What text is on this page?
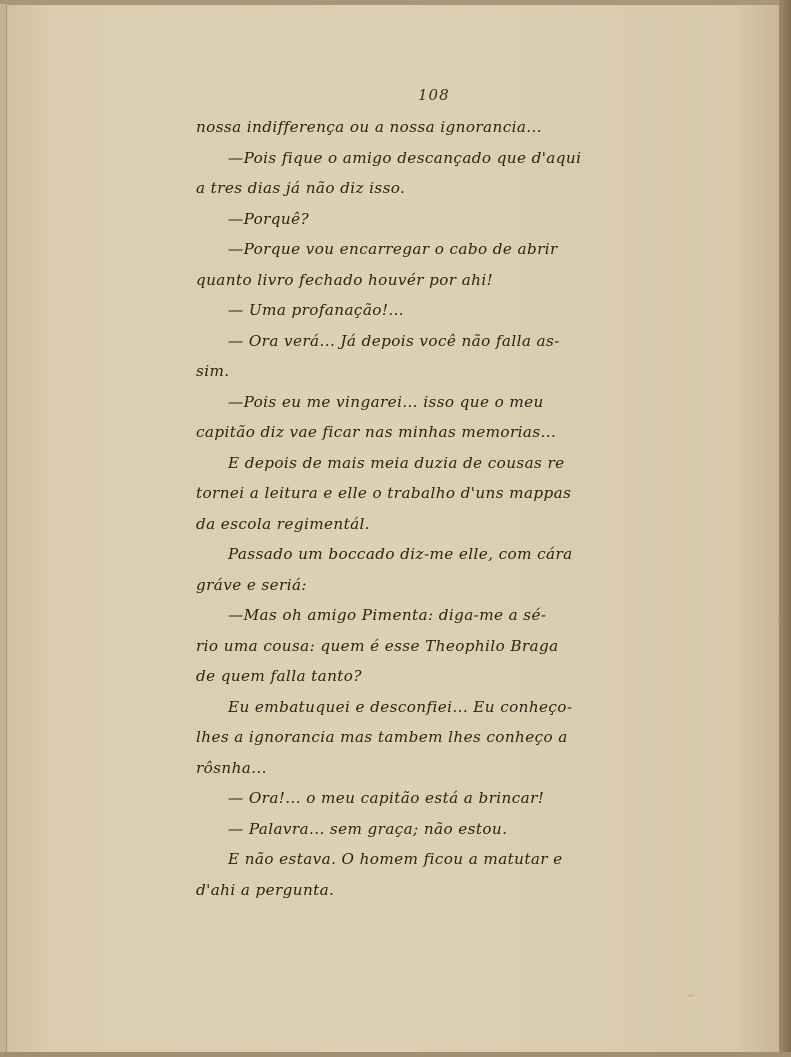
108
nossa indifferença ou a nossa ignorancia...
—Pois fique o amigo descançado que d'aqui
a tres dias já não diz isso.
—Porquê?
—Porque vou encarregar o cabo de abrir
quanto livro fechado houvér por ahi!
— Uma profanação!...
— Ora verá... Já depois você não falla as-
sim.
—Pois eu me vingarei... isso que o meu
capitão diz vae ficar nas minhas memorias...
E depois de mais meia duzia de cousas re
tornei a leitura e elle o trabalho d'uns mappas
da escola regimentál.
Passado um boccado diz-me elle, com cára
gráve e seriá:
—Mas oh amigo Pimenta: diga-me a sé-
rio uma cousa: quem é esse Theophilo Braga
de quem falla tanto?
Eu embatuquei e desconfiei... Eu conheço-
lhes a ignorancia mas tambem lhes conheço a
rôsnha...
— Ora!... o meu capitão está a brincar!
— Palavra... sem graça; não estou.
E não estava. O homem ficou a matutar e
d'ahi a pergunta.
